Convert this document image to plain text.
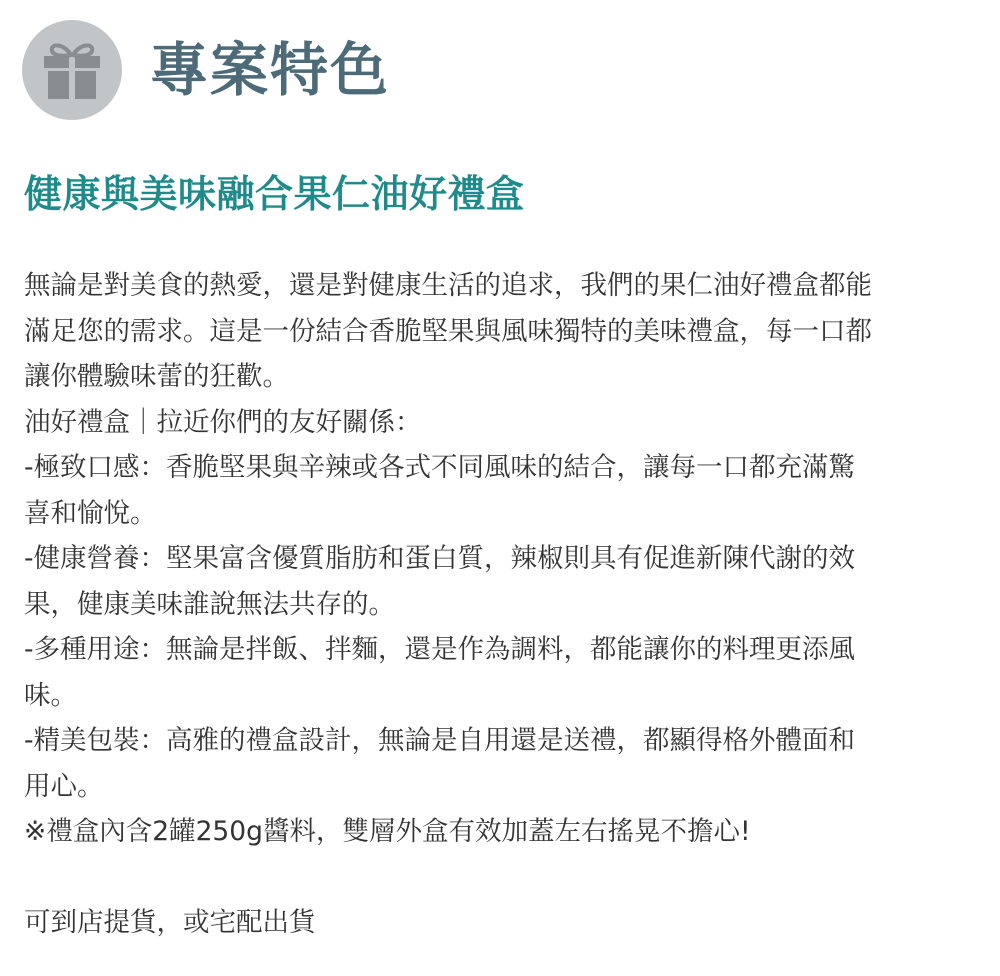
專案特色
健康與美味融合果仁油好禮盒
無論是對美食的熱愛，還是對健康生活的追求，我們的果仁油好禮盒都能
滿足您的需求。這是一份結合香脆堅果與風味獨特的美味禮盒，每一口都
讓你體驗味蕾的狂歡。
油好禮盒｜拉近你們的友好關係：
-極致口感：香脆堅果與辛辣或各式不同風味的結合，讓每一口都充滿驚
喜和愉悅。
-健康營養：堅果富含優質脂肪和蛋白質，辣椒則具有促進新陳代謝的效
果，健康美味誰說無法共存的。
-多種用途：無論是拌飯、拌麵，還是作為調料，都能讓你的料理更添風
味。
-精美包裝：高雅的禮盒設計，無論是自用還是送禮，都顯得格外體面和
用心。
※禮盒內含2罐250g醬料，雙層外盒有效加蓋左右搖晃不擔心!
可到店提貨，或宅配出貨
